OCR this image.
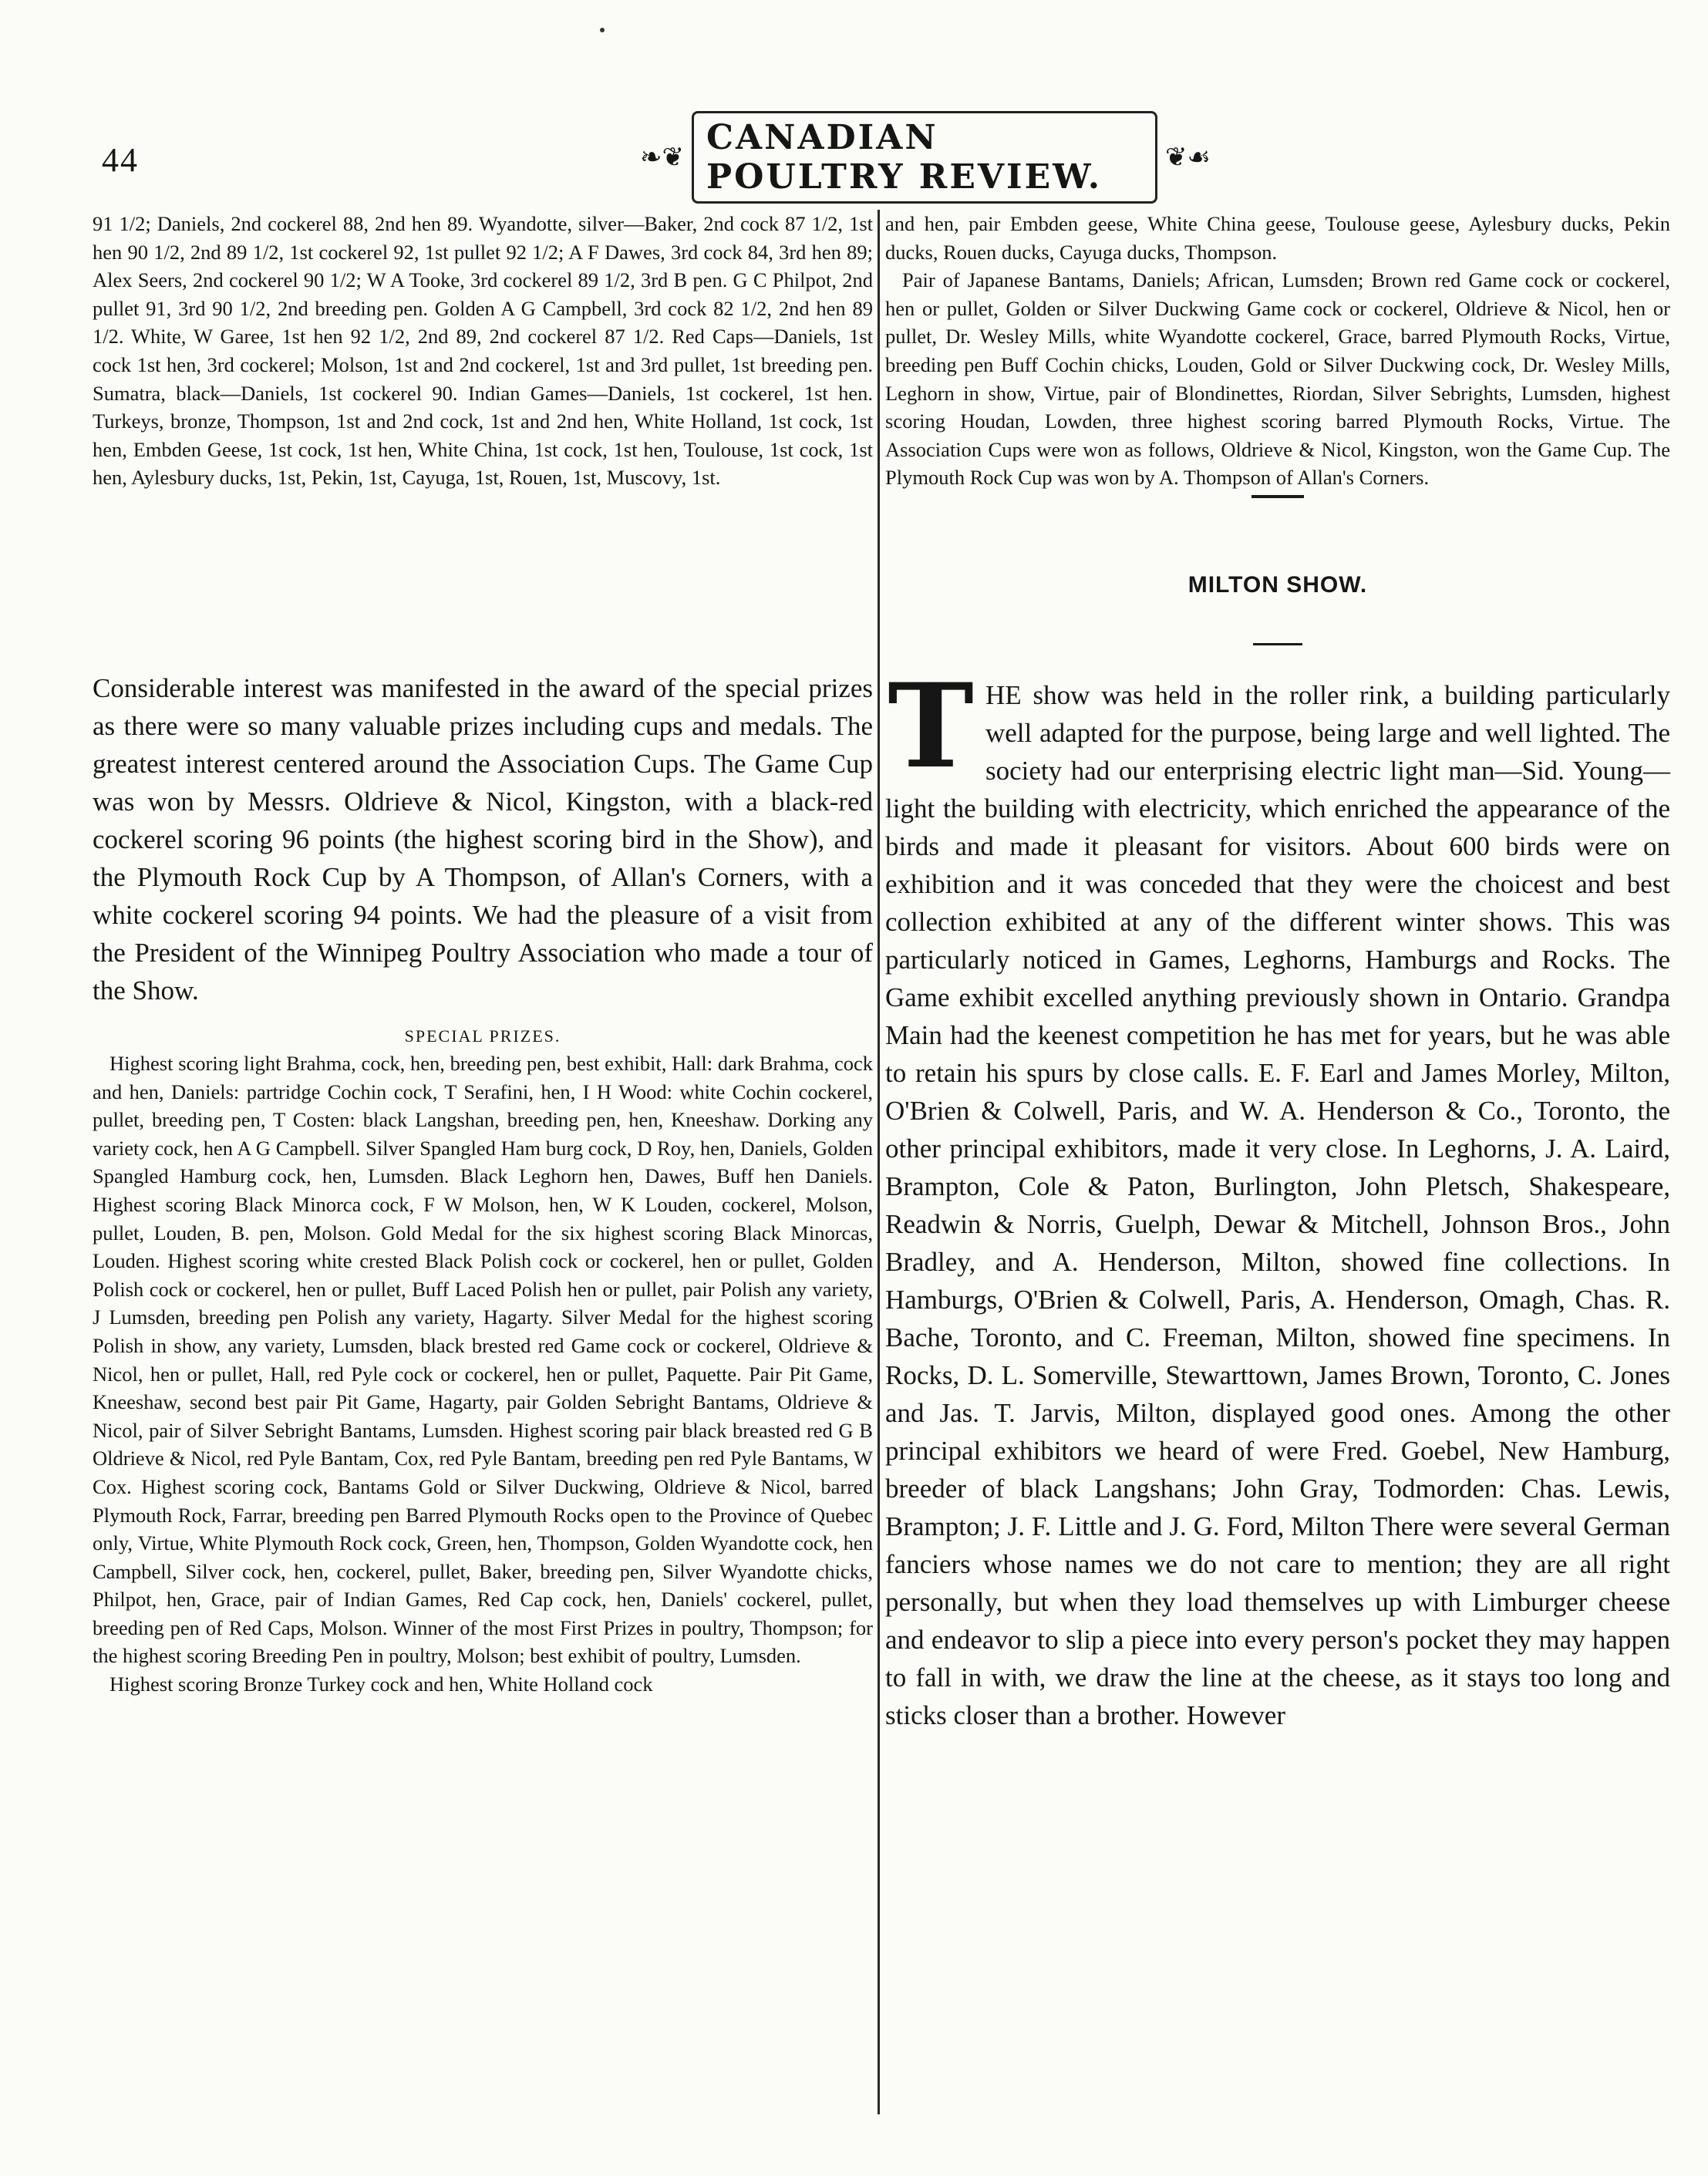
44	❧❦
CANADIAN POULTRY REVIEW.	❦☙

91 1/2; Daniels, 2nd cockerel 88, 2nd hen 89. Wyandotte, silver—Baker, 2nd cock 87 1/2, 1st hen 90 1/2, 2nd 89 1/2, 1st cockerel 92, 1st pullet 92 1/2; A F Dawes, 3rd cock 84, 3rd hen 89; Alex Seers, 2nd cockerel 90 1/2; W A Tooke, 3rd cockerel 89 1/2, 3rd B pen. G C Philpot, 2nd pullet 91, 3rd 90 1/2, 2nd breeding pen. Golden A G Campbell, 3rd cock 82 1/2, 2nd hen 89 1/2. White, W Garee, 1st hen 92 1/2, 2nd 89, 2nd cockerel 87 1/2. Red Caps—Daniels, 1st cock 1st hen, 3rd cockerel; Molson, 1st and 2nd cockerel, 1st and 3rd pullet, 1st breeding pen. Sumatra, black—Daniels, 1st cockerel 90. Indian Games—Daniels, 1st cockerel, 1st hen. Turkeys, bronze, Thompson, 1st and 2nd cock, 1st and 2nd hen, White Holland, 1st cock, 1st hen, Embden Geese, 1st cock, 1st hen, White China, 1st cock, 1st hen, Toulouse, 1st cock, 1st hen, Aylesbury ducks, 1st, Pekin, 1st, Cayuga, 1st, Rouen, 1st, Muscovy, 1st.

Considerable interest was manifested in the award of the special prizes as there were so many valuable prizes including cups and medals. The greatest interest centered around the Association Cups. The Game Cup was won by Messrs. Oldrieve & Nicol, Kingston, with a black-red cockerel scoring 96 points (the highest scoring bird in the Show), and the Plymouth Rock Cup by A Thompson, of Allan's Corners, with a white cockerel scoring 94 points. We had the pleasure of a visit from the President of the Winnipeg Poultry Association who made a tour of the Show.

SPECIAL PRIZES.

Highest scoring light Brahma, cock, hen, breeding pen, best exhibit, Hall: dark Brahma, cock and hen, Daniels: partridge Cochin cock, T Serafini, hen, I H Wood: white Cochin cockerel, pullet, breeding pen, T Costen: black Langshan, breeding pen, hen, Kneeshaw. Dorking any variety cock, hen A G Campbell. Silver Spangled Ham burg cock, D Roy, hen, Daniels, Golden Spangled Hamburg cock, hen, Lumsden. Black Leghorn hen, Dawes, Buff hen Daniels. Highest scoring Black Minorca cock, F W Molson, hen, W K Louden, cockerel, Molson, pullet, Louden, B. pen, Molson. Gold Medal for the six highest scoring Black Minorcas, Louden. Highest scoring white crested Black Polish cock or cockerel, hen or pullet, Golden Polish cock or cockerel, hen or pullet, Buff Laced Polish hen or pullet, pair Polish any variety, J Lumsden, breeding pen Polish any variety, Hagarty. Silver Medal for the highest scoring Polish in show, any variety, Lumsden, black brested red Game cock or cockerel, Oldrieve & Nicol, hen or pullet, Hall, red Pyle cock or cockerel, hen or pullet, Paquette. Pair Pit Game, Kneeshaw, second best pair Pit Game, Hagarty, pair Golden Sebright Bantams, Oldrieve & Nicol, pair of Silver Sebright Bantams, Lumsden. Highest scoring pair black breasted red G B Oldrieve & Nicol, red Pyle Bantam, Cox, red Pyle Bantam, breeding pen red Pyle Bantams, W Cox. Highest scoring cock, Bantams Gold or Silver Duckwing, Oldrieve & Nicol, barred Plymouth Rock, Farrar, breeding pen Barred Plymouth Rocks open to the Province of Quebec only, Virtue, White Plymouth Rock cock, Green, hen, Thompson, Golden Wyandotte cock, hen Campbell, Silver cock, hen, cockerel, pullet, Baker, breeding pen, Silver Wyandotte chicks, Philpot, hen, Grace, pair of Indian Games, Red Cap cock, hen, Daniels' cockerel, pullet, breeding pen of Red Caps, Molson. Winner of the most First Prizes in poultry, Thompson; for the highest scoring Breeding Pen in poultry, Molson; best exhibit of poultry, Lumsden.

Highest scoring Bronze Turkey cock and hen, White Holland cock

and hen, pair Embden geese, White China geese, Toulouse geese, Aylesbury ducks, Pekin ducks, Rouen ducks, Cayuga ducks, Thompson.

Pair of Japanese Bantams, Daniels; African, Lumsden; Brown red Game cock or cockerel, hen or pullet, Golden or Silver Duckwing Game cock or cockerel, Oldrieve & Nicol, hen or pullet, Dr. Wesley Mills, white Wyandotte cockerel, Grace, barred Plymouth Rocks, Virtue, breeding pen Buff Cochin chicks, Louden, Gold or Silver Duckwing cock, Dr. Wesley Mills, Leghorn in show, Virtue, pair of Blondinettes, Riordan, Silver Sebrights, Lumsden, highest scoring Houdan, Lowden, three highest scoring barred Plymouth Rocks, Virtue. The Association Cups were won as follows, Oldrieve & Nicol, Kingston, won the Game Cup. The Plymouth Rock Cup was won by A. Thompson of Allan's Corners.

MILTON SHOW.
T HE show was held in the roller rink, a building particularly well adapted for the purpose, being large and well lighted. The society had our enterprising electric light man—Sid. Young—light the building with electricity, which enriched the appearance of the birds and made it pleasant for visitors. About 600 birds were on exhibition and it was conceded that they were the choicest and best collection exhibited at any of the different winter shows. This was particularly noticed in Games, Leghorns, Hamburgs and Rocks. The Game exhibit excelled anything previously shown in Ontario. Grandpa Main had the keenest competition he has met for years, but he was able to retain his spurs by close calls. E. F. Earl and James Morley, Milton, O'Brien & Colwell, Paris, and W. A. Henderson & Co., Toronto, the other principal exhibitors, made it very close. In Leghorns, J. A. Laird, Brampton, Cole & Paton, Burlington, John Pletsch, Shakespeare, Readwin & Norris, Guelph, Dewar & Mitchell, Johnson Bros., John Bradley, and A. Henderson, Milton, showed fine collections. In Hamburgs, O'Brien & Colwell, Paris, A. Henderson, Omagh, Chas. R. Bache, Toronto, and C. Freeman, Milton, showed fine specimens. In Rocks, D. L. Somerville, Stewarttown, James Brown, Toronto, C. Jones and Jas. T. Jarvis, Milton, displayed good ones. Among the other principal exhibitors we heard of were Fred. Goebel, New Hamburg, breeder of black Langshans; John Gray, Todmorden: Chas. Lewis, Brampton; J. F. Little and J. G. Ford, Milton There were several German fanciers whose names we do not care to mention; they are all right personally, but when they load themselves up with Limburger cheese and endeavor to slip a piece into every person's pocket they may happen to fall in with, we draw the line at the cheese, as it stays too long and sticks closer than a brother. However
